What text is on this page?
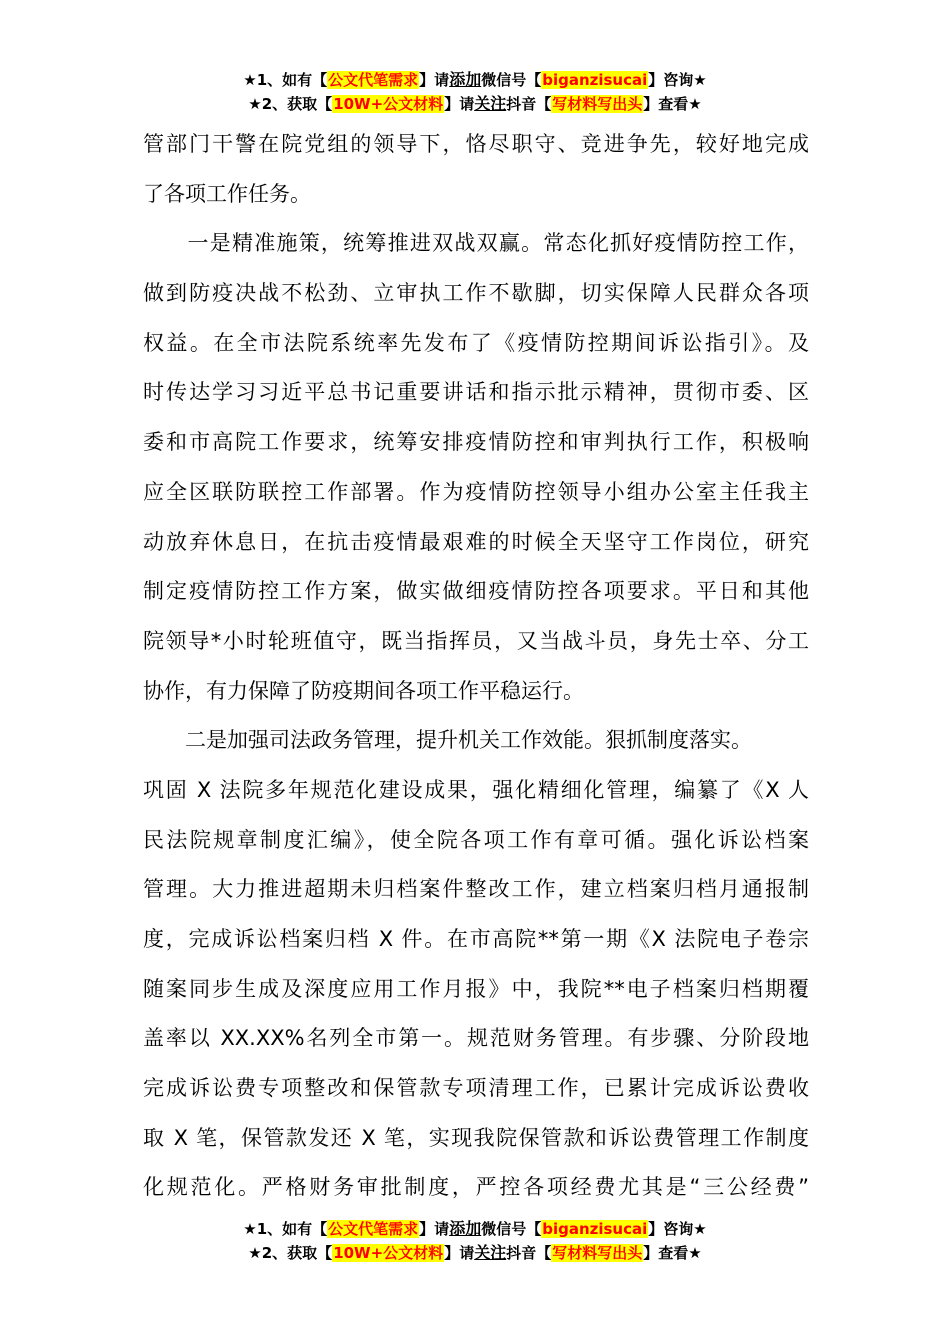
★1、如有【公文代笔需求】请添加微信号【biganzisucai】咨询★
★2、获取【10W+公文材料】请关注抖音【写材料写出头】查看★
管部门干警在院党组的领导下，恪尽职守、竞进争先，较好地完成
了各项工作任务。
　　一是精准施策，统筹推进双战双赢。常态化抓好疫情防控工作，
做到防疫决战不松劲、立审执工作不歇脚，切实保障人民群众各项
权益。在全市法院系统率先发布了《疫情防控期间诉讼指引》。及
时传达学习习近平总书记重要讲话和指示批示精神，贯彻市委、区
委和市高院工作要求，统筹安排疫情防控和审判执行工作，积极响
应全区联防联控工作部署。作为疫情防控领导小组办公室主任我主
动放弃休息日，在抗击疫情最艰难的时候全天坚守工作岗位，研究
制定疫情防控工作方案，做实做细疫情防控各项要求。平日和其他
院领导*小时轮班值守，既当指挥员，又当战斗员，身先士卒、分工
协作，有力保障了防疫期间各项工作平稳运行。
　　二是加强司法政务管理，提升机关工作效能。狠抓制度落实。
巩固 X 法院多年规范化建设成果，强化精细化管理，编纂了《X 人
民法院规章制度汇编》，使全院各项工作有章可循。强化诉讼档案
管理。大力推进超期未归档案件整改工作，建立档案归档月通报制
度，完成诉讼档案归档 X 件。在市高院**第一期《X 法院电子卷宗
随案同步生成及深度应用工作月报》中，我院**电子档案归档期覆
盖率以 XX.XX%名列全市第一。规范财务管理。有步骤、分阶段地
完成诉讼费专项整改和保管款专项清理工作，已累计完成诉讼费收
取 X 笔，保管款发还 X 笔，实现我院保管款和诉讼费管理工作制度
化规范化。严格财务审批制度，严控各项经费尤其是“三公经费”
★1、如有【公文代笔需求】请添加微信号【biganzisucai】咨询★
★2、获取【10W+公文材料】请关注抖音【写材料写出头】查看★
